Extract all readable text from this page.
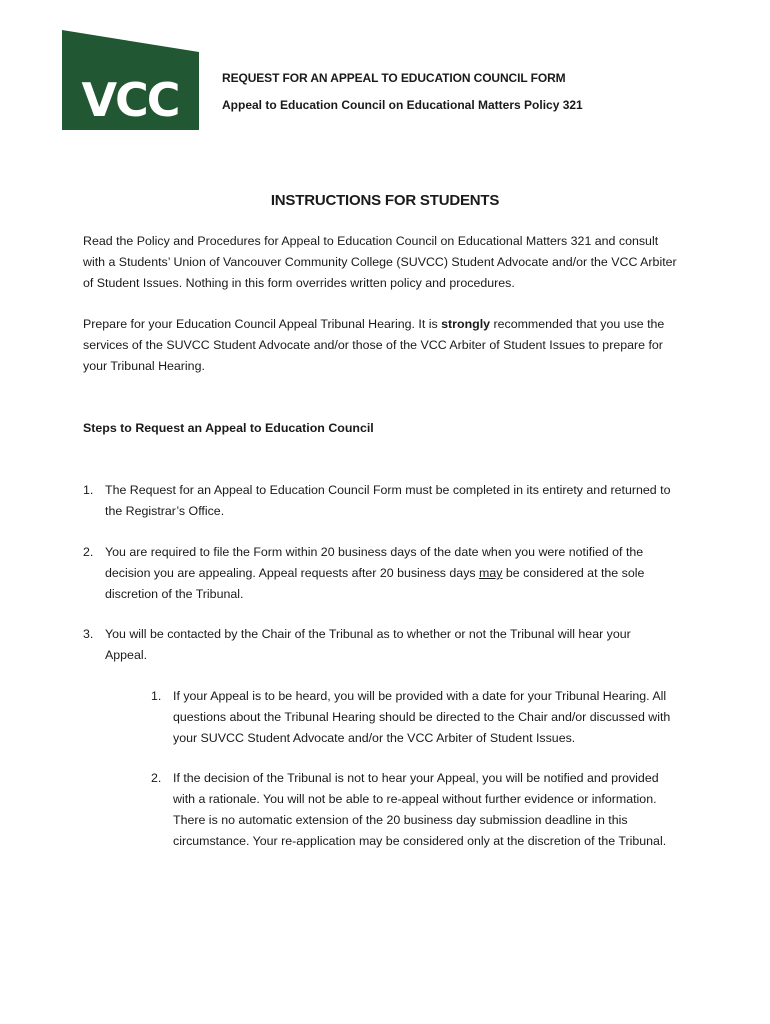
VCC	REQUEST FOR AN APPEAL TO EDUCATION COUNCIL FORM
Appeal to Education Council on Educational Matters Policy 321
INSTRUCTIONS FOR STUDENTS

Read the Policy and Procedures for Appeal to Education Council on Educational Matters 321 and consult

with a Students’ Union of Vancouver Community College (SUVCC) Student Advocate and/or the VCC Arbiter

of Student Issues. Nothing in this form overrides written policy and procedures.

Prepare for your Education Council Appeal Tribunal Hearing. It is strongly recommended that you use the

services of the SUVCC Student Advocate and/or those of the VCC Arbiter of Student Issues to prepare for

your Tribunal Hearing.

Steps to Request an Appeal to Education Council
1. The Request for an Appeal to Education Council Form must be completed in its entirety and returned to

the Registrar’s Office.

2. You are required to file the Form within 20 business days of the date when you were notified of the

decision you are appealing. Appeal requests after 20 business days may be considered at the sole

discretion of the Tribunal.

3. You will be contacted by the Chair of the Tribunal as to whether or not the Tribunal will hear your

Appeal.

1. If your Appeal is to be heard, you will be provided with a date for your Tribunal Hearing. All

questions about the Tribunal Hearing should be directed to the Chair and/or discussed with

your SUVCC Student Advocate and/or the VCC Arbiter of Student Issues.

2. If the decision of the Tribunal is not to hear your Appeal, you will be notified and provided

with a rationale. You will not be able to re-appeal without further evidence or information.

There is no automatic extension of the 20 business day submission deadline in this

circumstance. Your re-application may be considered only at the discretion of the Tribunal.
